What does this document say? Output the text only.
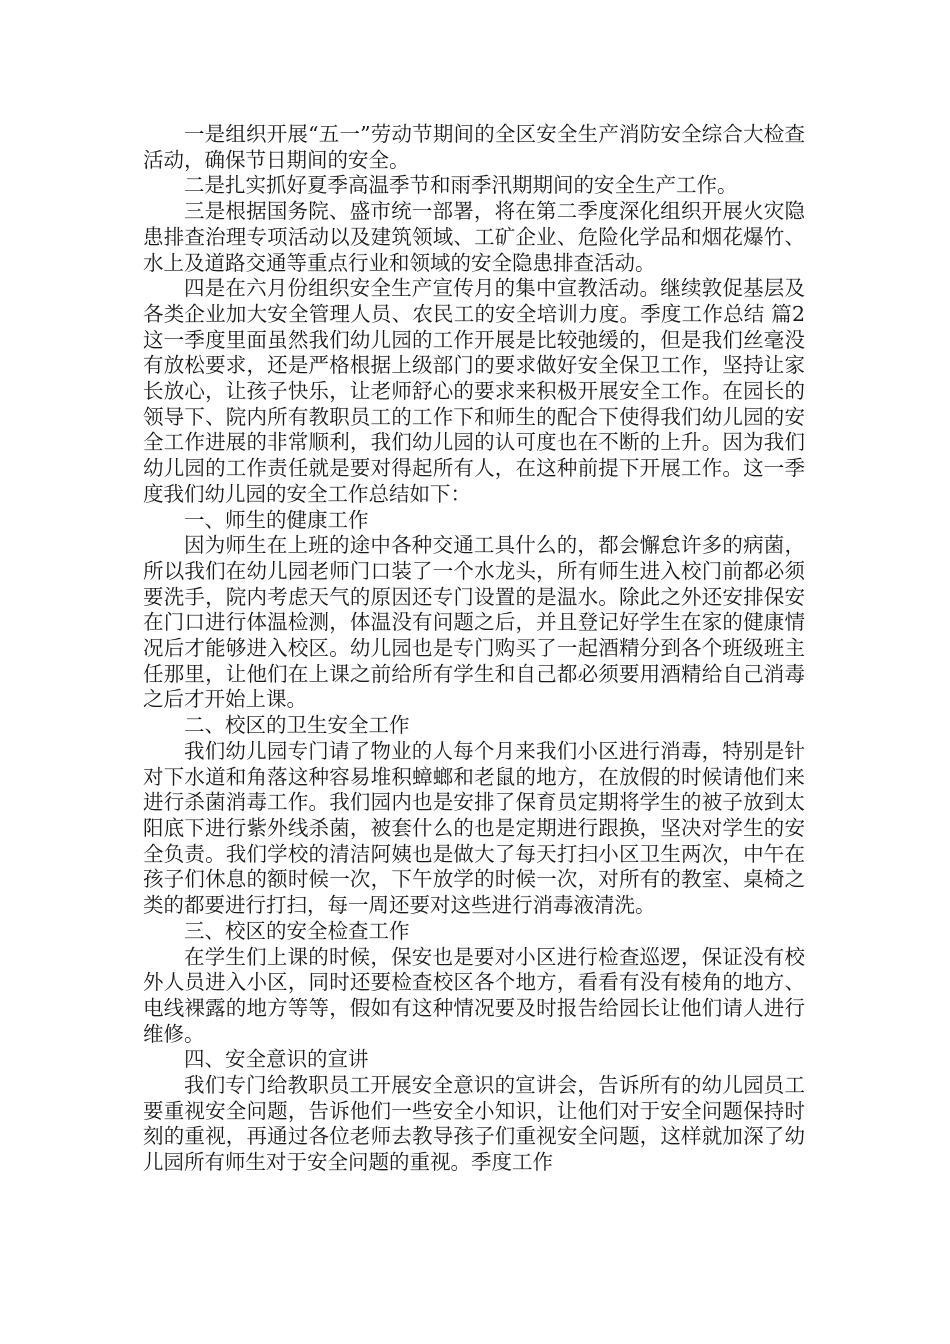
一是组织开展“五一”劳动节期间的全区安全生产消防安全综合大检查活动，确保节日期间的安全。

二是扎实抓好夏季高温季节和雨季汛期期间的安全生产工作。

三是根据国务院、盛市统一部署，将在第二季度深化组织开展火灾隐患排查治理专项活动以及建筑领域、工矿企业、危险化学品和烟花爆竹、水上及道路交通等重点行业和领域的安全隐患排查活动。

四是在六月份组织安全生产宣传月的集中宣教活动。继续敦促基层及各类企业加大安全管理人员、农民工的安全培训力度。季度工作总结 篇2这一季度里面虽然我们幼儿园的工作开展是比较弛缓的，但是我们丝毫没有放松要求，还是严格根据上级部门的要求做好安全保卫工作，坚持让家长放心，让孩子快乐，让老师舒心的要求来积极开展安全工作。在园长的领导下、院内所有教职员工的工作下和师生的配合下使得我们幼儿园的安全工作进展的非常顺利，我们幼儿园的认可度也在不断的上升。因为我们幼儿园的工作责任就是要对得起所有人，在这种前提下开展工作。这一季度我们幼儿园的安全工作总结如下：

一、师生的健康工作

因为师生在上班的途中各种交通工具什么的，都会懈怠许多的病菌，所以我们在幼儿园老师门口装了一个水龙头，所有师生进入校门前都必须要洗手，院内考虑天气的原因还专门设置的是温水。除此之外还安排保安在门口进行体温检测，体温没有问题之后，并且登记好学生在家的健康情况后才能够进入校区。幼儿园也是专门购买了一起酒精分到各个班级班主任那里，让他们在上课之前给所有学生和自己都必须要用酒精给自己消毒之后才开始上课。

二、校区的卫生安全工作

我们幼儿园专门请了物业的人每个月来我们小区进行消毒，特别是针对下水道和角落这种容易堆积蟑螂和老鼠的地方，在放假的时候请他们来进行杀菌消毒工作。我们园内也是安排了保育员定期将学生的被子放到太阳底下进行紫外线杀菌，被套什么的也是定期进行跟换，坚决对学生的安全负责。我们学校的清洁阿姨也是做大了每天打扫小区卫生两次，中午在孩子们休息的额时候一次，下午放学的时候一次，对所有的教室、桌椅之类的都要进行打扫，每一周还要对这些进行消毒液清洗。

三、校区的安全检查工作

在学生们上课的时候，保安也是要对小区进行检查巡逻，保证没有校外人员进入小区，同时还要检查校区各个地方，看看有没有棱角的地方、电线裸露的地方等等，假如有这种情况要及时报告给园长让他们请人进行维修。

四、安全意识的宣讲

我们专门给教职员工开展安全意识的宣讲会，告诉所有的幼儿园员工要重视安全问题，告诉他们一些安全小知识，让他们对于安全问题保持时刻的重视，再通过各位老师去教导孩子们重视安全问题，这样就加深了幼儿园所有师生对于安全问题的重视。季度工作
